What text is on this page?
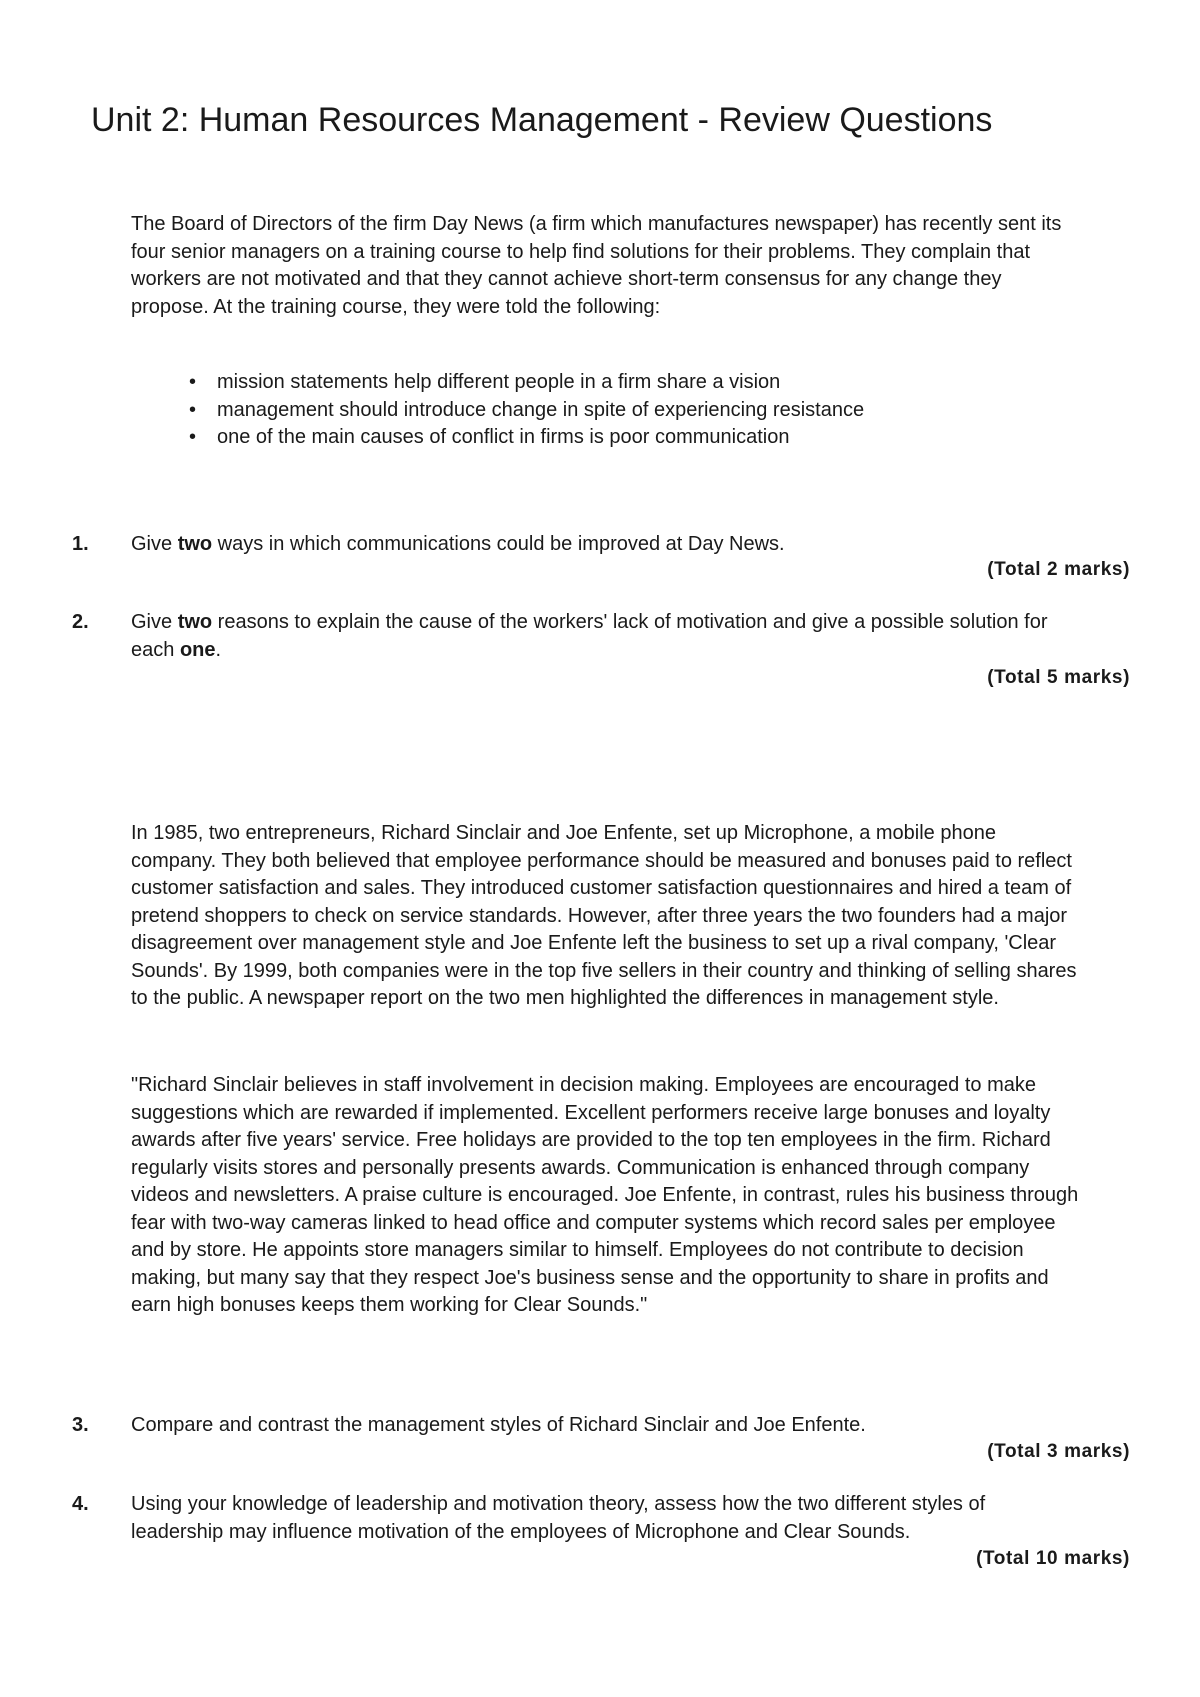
Unit 2: Human Resources Management - Review Questions

The Board of Directors of the firm Day News (a firm which manufactures newspaper) has recently sent its four senior managers on a training course to help find solutions for their problems. They complain that workers are not motivated and that they cannot achieve short-term consensus for any change they propose. At the training course, they were told the following:

• mission statements help different people in a firm share a vision
• management should introduce change in spite of experiencing resistance
• one of the main causes of conflict in firms is poor communication
1. Give two ways in which communications could be improved at Day News.
(Total 2 marks)
2. Give two reasons to explain the cause of the workers' lack of motivation and give a possible solution for each one.
(Total 5 marks)

In 1985, two entrepreneurs, Richard Sinclair and Joe Enfente, set up Microphone, a mobile phone company. They both believed that employee performance should be measured and bonuses paid to reflect customer satisfaction and sales. They introduced customer satisfaction questionnaires and hired a team of pretend shoppers to check on service standards. However, after three years the two founders had a major disagreement over management style and Joe Enfente left the business to set up a rival company, 'Clear Sounds'. By 1999, both companies were in the top five sellers in their country and thinking of selling shares to the public. A newspaper report on the two men highlighted the differences in management style.

"Richard Sinclair believes in staff involvement in decision making. Employees are encouraged to make suggestions which are rewarded if implemented. Excellent performers receive large bonuses and loyalty awards after five years' service. Free holidays are provided to the top ten employees in the firm. Richard regularly visits stores and personally presents awards. Communication is enhanced through company videos and newsletters. A praise culture is encouraged. Joe Enfente, in contrast, rules his business through fear with two-way cameras linked to head office and computer systems which record sales per employee and by store. He appoints store managers similar to himself. Employees do not contribute to decision making, but many say that they respect Joe's business sense and the opportunity to share in profits and earn high bonuses keeps them working for Clear Sounds."

3. Compare and contrast the management styles of Richard Sinclair and Joe Enfente.
(Total 3 marks)
4. Using your knowledge of leadership and motivation theory, assess how the two different styles of leadership may influence motivation of the employees of Microphone and Clear Sounds.
(Total 10 marks)
